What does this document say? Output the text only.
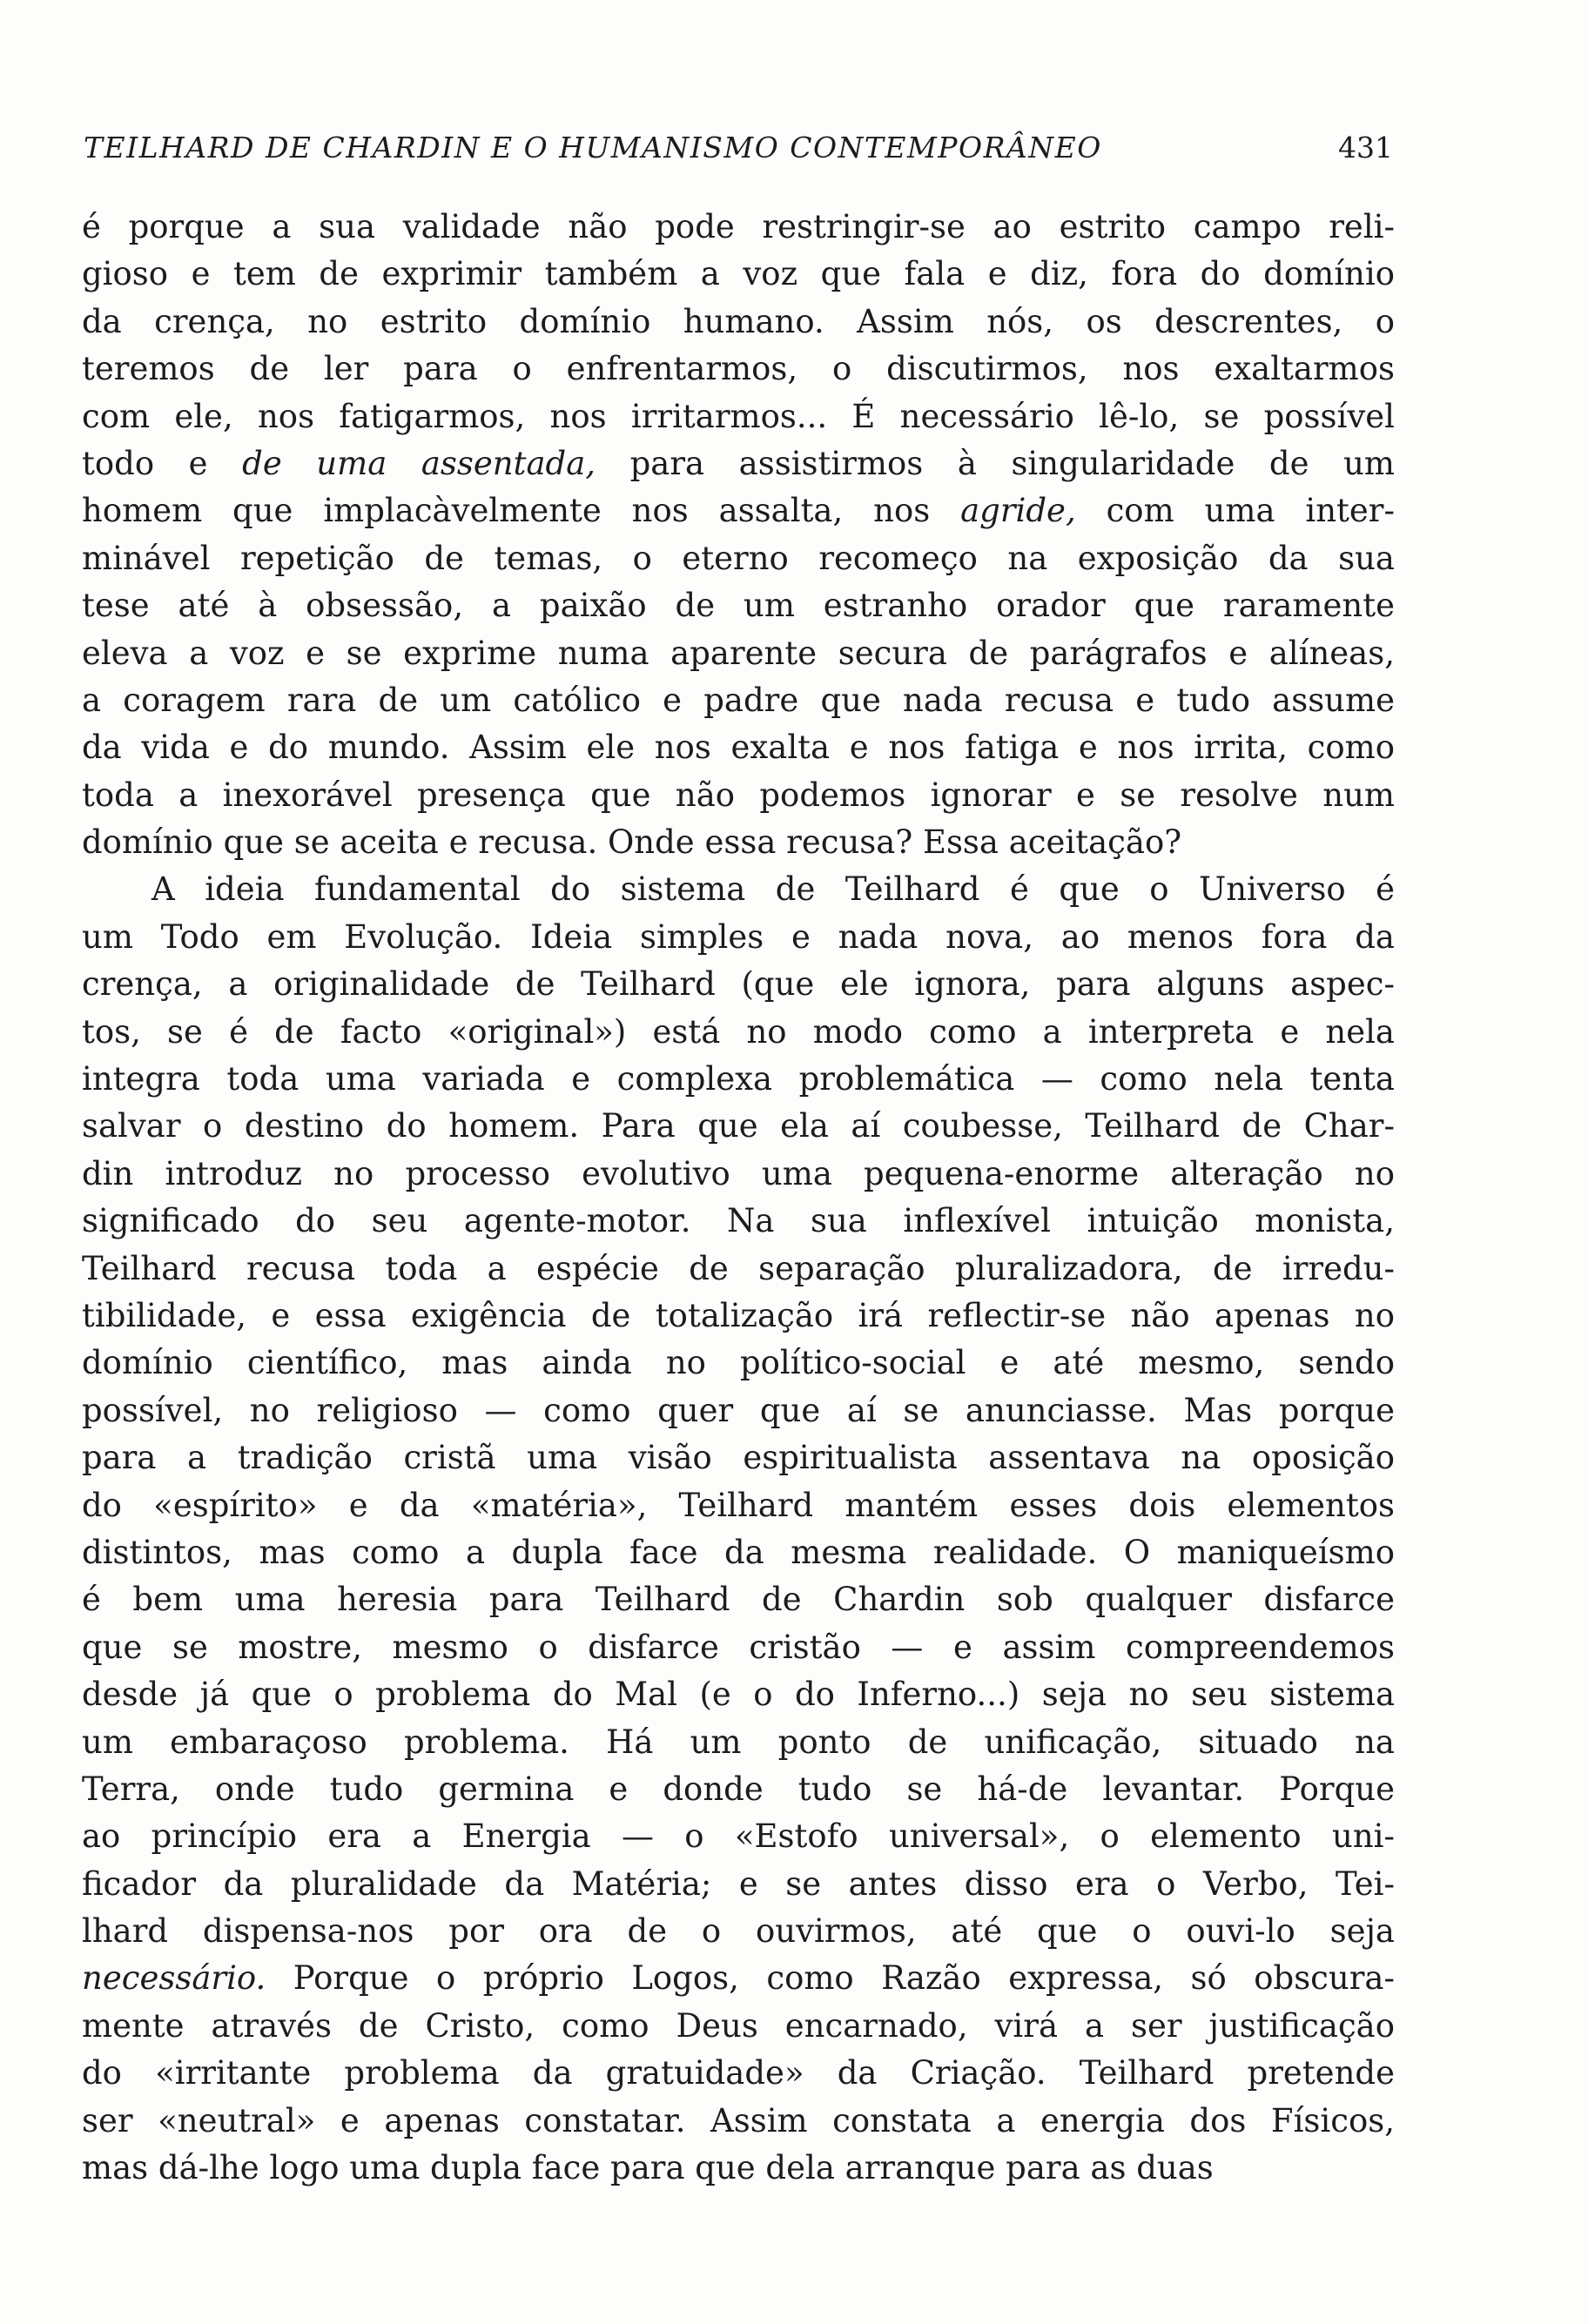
TEILHARD DE CHARDIN E O HUMANISMO CONTEMPORÂNEO	431
é porque a sua validade não pode restringir-se ao estrito campo reli-
gioso e tem de exprimir também a voz que fala e diz, fora do domínio
da crença, no estrito domínio humano. Assim nós, os descrentes, o
teremos de ler para o enfrentarmos, o discutirmos, nos exaltarmos
com ele, nos fatigarmos, nos irritarmos... É necessário lê-lo, se possível
todo e de uma assentada, para assistirmos à singularidade de um
homem que implacàvelmente nos assalta, nos agride, com uma inter-
minável repetição de temas, o eterno recomeço na exposição da sua
tese até à obsessão, a paixão de um estranho orador que raramente
eleva a voz e se exprime numa aparente secura de parágrafos e alíneas,
a coragem rara de um católico e padre que nada recusa e tudo assume
da vida e do mundo. Assim ele nos exalta e nos fatiga e nos irrita, como
toda a inexorável presença que não podemos ignorar e se resolve num
domínio que se aceita e recusa. Onde essa recusa? Essa aceitação?
A ideia fundamental do sistema de Teilhard é que o Universo é
um Todo em Evolução. Ideia simples e nada nova, ao menos fora da
crença, a originalidade de Teilhard (que ele ignora, para alguns aspec-
tos, se é de facto «original») está no modo como a interpreta e nela
integra toda uma variada e complexa problemática — como nela tenta
salvar o destino do homem. Para que ela aí coubesse, Teilhard de Char-
din introduz no processo evolutivo uma pequena-enorme alteração no
significado do seu agente-motor. Na sua inflexível intuição monista,
Teilhard recusa toda a espécie de separação pluralizadora, de irredu-
tibilidade, e essa exigência de totalização irá reflectir-se não apenas no
domínio científico, mas ainda no político-social e até mesmo, sendo
possível, no religioso — como quer que aí se anunciasse. Mas porque
para a tradição cristã uma visão espiritualista assentava na oposição
do «espírito» e da «matéria», Teilhard mantém esses dois elementos
distintos, mas como a dupla face da mesma realidade. O maniqueísmo
é bem uma heresia para Teilhard de Chardin sob qualquer disfarce
que se mostre, mesmo o disfarce cristão — e assim compreendemos
desde já que o problema do Mal (e o do Inferno...) seja no seu sistema
um embaraçoso problema. Há um ponto de unificação, situado na
Terra, onde tudo germina e donde tudo se há-de levantar. Porque
ao princípio era a Energia — o «Estofo universal», o elemento uni-
ficador da pluralidade da Matéria; e se antes disso era o Verbo, Tei-
lhard dispensa-nos por ora de o ouvirmos, até que o ouvi-lo seja
necessário. Porque o próprio Logos, como Razão expressa, só obscura-
mente através de Cristo, como Deus encarnado, virá a ser justificação
do «irritante problema da gratuidade» da Criação. Teilhard pretende
ser «neutral» e apenas constatar. Assim constata a energia dos Físicos,
mas dá-lhe logo uma dupla face para que dela arranque para as duas
